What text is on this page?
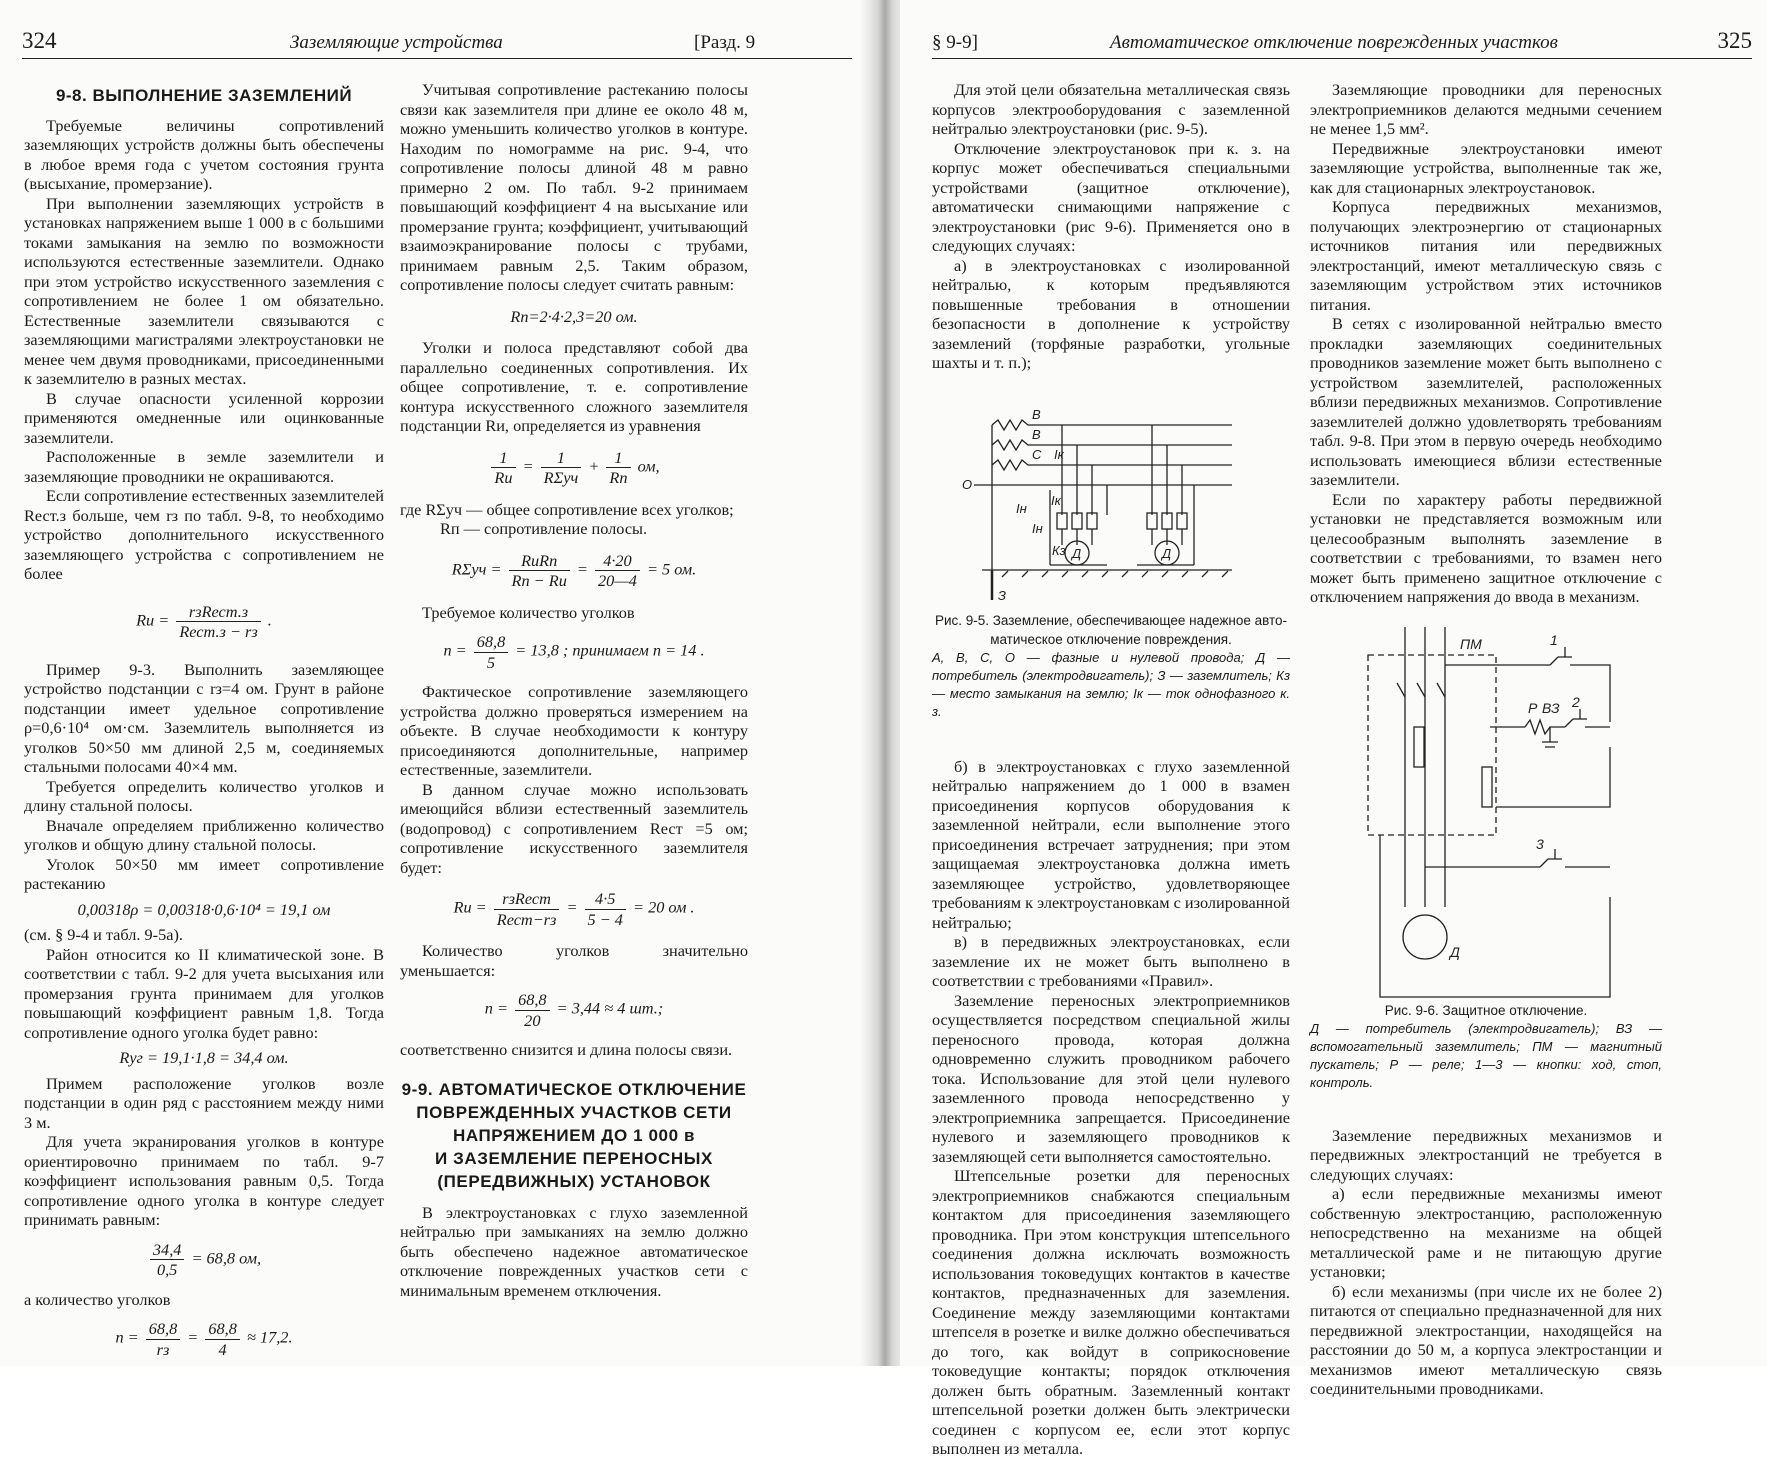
324	Заземляющие устройства	[Разд. 9
9-8. ВЫПОЛНЕНИЕ ЗАЗЕМЛЕНИЙ

Требуемые величины сопротивлений заземляющих устройств должны быть обеспечены в любое время года с учетом состояния грунта (высыхание, промерзание).

При выполнении заземляющих устройств в установках напряжением выше 1 000 в с большими токами замыкания на землю по возможности используются естественные заземлители. Однако при этом устройство искусственного заземления с сопротивлением не более 1 ом обязательно. Естественные заземлители связываются с заземляющими магистралями электроустановки не менее чем двумя проводниками, присоединенными к заземлителю в разных местах.

В случае опасности усиленной коррозии применяются омедненные или оцинкованные заземлители.

Расположенные в земле заземлители и заземляющие проводники не окрашиваются.

Если сопротивление естественных заземлителей Rест.з больше, чем rз по табл. 9-8, то необходимо устройство дополнительного искусственного заземляющего устройства с сопротивлением не более

Rи = $\frac{\text{rзRест.з}}{\text{Rест.з − rз}}$ .

Пример 9-3. Выполнить заземляющее устройство подстанции с rз=4 ом. Грунт в районе подстанции имеет удельное сопротивление ρ=0,6·10⁴ ом·см. Заземлитель выполняется из уголков 50×50 мм длиной 2,5 м, соединяемых стальными полосами 40×4 мм.

Требуется определить количество уголков и длину стальной полосы.

Вначале определяем приближенно количество уголков и общую длину стальной полосы.

Уголок 50×50 мм имеет сопротивление растеканию

0,00318ρ = 0,00318·0,6·10⁴ = 19,1 ом

(см. § 9-4 и табл. 9-5а).

Район относится ко II климатической зоне. В соответствии с табл. 9-2 для учета высыхания или промерзания грунта принимаем для уголков повышающий коэффициент равным 1,8. Тогда сопротивление одного уголка будет равно:

Rуг = 19,1·1,8 = 34,4 ом.

Примем расположение уголков возле подстанции в один ряд с расстоянием между ними 3 м.

Для учета экранирования уголков в контуре ориентировочно принимаем по табл. 9-7 коэффициент использования равным 0,5. Тогда сопротивление одного уголка в контуре следует принимать равным:

$\frac{34,4}{0,5} = 68,8$ ом,

а количество уголков

$n = \frac{68,8}{rз} = \frac{68,8}{4} \approx 17,2$.

Учитывая сопротивление растеканию полосы связи как заземлителя при длине ее около 48 м, можно уменьшить количество уголков в контуре. Находим по номограмме на рис. 9-4, что сопротивление полосы длиной 48 м равно примерно 2 ом. По табл. 9-2 принимаем повышающий коэффициент 4 на высыхание или промерзание грунта; коэффициент, учитывающий взаимоэкранирование полосы с трубами, принимаем равным 2,5. Таким образом, сопротивление полосы следует считать равным:

Rп=2·4·2,3=20 ом.

Уголки и полоса представляют собой два параллельно соединенных сопротивления. Их общее сопротивление, т. е. сопротивление контура искусственного сложного заземлителя подстанции Rи, определяется из уравнения

$\frac{1}{Rи} = \frac{1}{\text{RΣуч}} + \frac{1}{Rп}$ ом,

где RΣуч — общее сопротивление всех уголков;

Rп — сопротивление полосы.

$R\Sigma уч = \frac{\text{RиRп}}{Rп - Rи} = \frac{4\cdot 20}{20—4} = 5$ ом.

Требуемое количество уголков

$n = \frac{68,8}{5} = 13,8$ ; принимаем n = 14 .

Фактическое сопротивление заземляющего устройства должно проверяться измерением на объекте. В случае необходимости к контуру присоединяются дополнительные, например естественные, заземлители.

В данном случае можно использовать имеющийся вблизи естественный заземлитель (водопровод) с сопротивлением Rест =5 ом; сопротивление искусственного заземлителя будет:

Rи = $\frac{\text{rзRест}}{\text{Rест−rз}} = \frac{4\cdot 5}{5 - 4} = 20$ ом .

Количество уголков значительно уменьшается:

$n = \frac{68,8}{20} = 3,44 \approx 4$ шт.;

соответственно снизится и длина полосы связи.

9-9. АВТОМАТИЧЕСКОЕ ОТКЛЮЧЕНИЕ
ПОВРЕЖДЕННЫХ УЧАСТКОВ СЕТИ
НАПРЯЖЕНИЕМ ДО 1 000 в
И ЗАЗЕМЛЕНИЕ ПЕРЕНОСНЫХ
(ПЕРЕДВИЖНЫХ) УСТАНОВОК

В электроустановках с глухо заземленной нейтралью при замыканиях на землю должно быть обеспечено надежное автоматическое отключение поврежденных участков сети с минимальным временем отключения.

§ 9-9]	Автоматическое отключение поврежденных участков	325

Для этой цели обязательна металлическая связь корпусов электрооборудования с заземленной нейтралью электроустановки (рис. 9-5).

Отключение электроустановок при к. з. на корпус может обеспечиваться специальными устройствами (защитное отключение), автоматически снимающими напряжение с электроустановки (рис 9-6). Применяется оно в следующих случаях:

а) в электроустановках с изолированной нейтралью, к которым предъявляются повышенные требования в отношении безопасности в дополнение к устройству заземлений (торфяные разработки, угольные шахты и т. п.);

В
В
С Iк
О
Iн
Iн
Iк
Кз Д	Д
З
Рис. 9-5. Заземление, обеспечивающее надежное авто-
матическое отключение повреждения.
А, В, С, О — фазные и нулевой провода; Д — потребитель (электродвигатель); З — заземлитель; Кз — место замыкания на землю; Iк — ток однофазного к. з.

б) в электроустановках с глухо заземленной нейтралью напряжением до 1 000 в взамен присоединения корпусов оборудования к заземленной нейтрали, если выполнение этого присоединения встречает затруднения; при этом защищаемая электроустановка должна иметь заземляющее устройство, удовлетворяющее требованиям к электроустановкам с изолированной нейтралью;

в) в передвижных электроустановках, если заземление их не может быть выполнено в соответствии с требованиями «Правил».

Заземление переносных электроприемников осуществляется посредством специальной жилы переносного провода, которая должна одновременно служить проводником рабочего тока. Использование для этой цели нулевого заземленного провода непосредственно у электроприемника запрещается. Присоединение нулевого и заземляющего проводников к заземляющей сети выполняется самостоятельно.

Штепсельные розетки для переносных электроприемников снабжаются специальным контактом для присоединения заземляющего проводника. При этом конструкция штепсельного соединения должна исключать возможность использования токоведущих контактов в качестве контактов, предназначенных для заземления. Соединение между заземляющими контактами штепселя в розетке и вилке должно обеспечиваться до того, как войдут в соприкосновение токоведущие контакты; порядок отключения должен быть обратным. Заземленный контакт штепсельной розетки должен быть электрически соединен с корпусом ее, если этот корпус выполнен из металла.

Заземляющие проводники для переносных электроприемников делаются медными сечением не менее 1,5 мм².

Передвижные электроустановки имеют заземляющие устройства, выполненные так же, как для стационарных электроустановок.

Корпуса передвижных механизмов, получающих электроэнергию от стационарных источников питания или передвижных электростанций, имеют металлическую связь с заземляющим устройством этих источников питания.

В сетях с изолированной нейтралью вместо прокладки заземляющих соединительных проводников заземление может быть выполнено с устройством заземлителей, расположенных вблизи передвижных механизмов. Сопротивление заземлителей должно удовлетворять требованиям табл. 9-8. При этом в первую очередь необходимо использовать имеющиеся вблизи естественные заземлители.

Если по характеру работы передвижной установки не представляется возможным или целесообразным выполнять заземление в соответствии с требованиями, то взамен него может быть применено защитное отключение с отключением напряжения до ввода в механизм.

ПМ	1
2
Р ВЗ
3
Д
Рис. 9-6. Защитное отключение.
Д — потребитель (электродвигатель); ВЗ — вспомогательный заземлитель; ПМ — магнитный пускатель; Р — реле; 1—3 — кнопки: ход, стоп, контроль.

Заземление передвижных механизмов и передвижных электростанций не требуется в следующих случаях:

а) если передвижные механизмы имеют собственную электростанцию, расположенную непосредственно на механизме на общей металлической раме и не питающую другие установки;

б) если механизмы (при числе их не более 2) питаются от специально предназначенной для них передвижной электростанции, находящейся на расстоянии до 50 м, а корпуса электростанции и механизмов имеют металлическую связь соединительными проводниками.
